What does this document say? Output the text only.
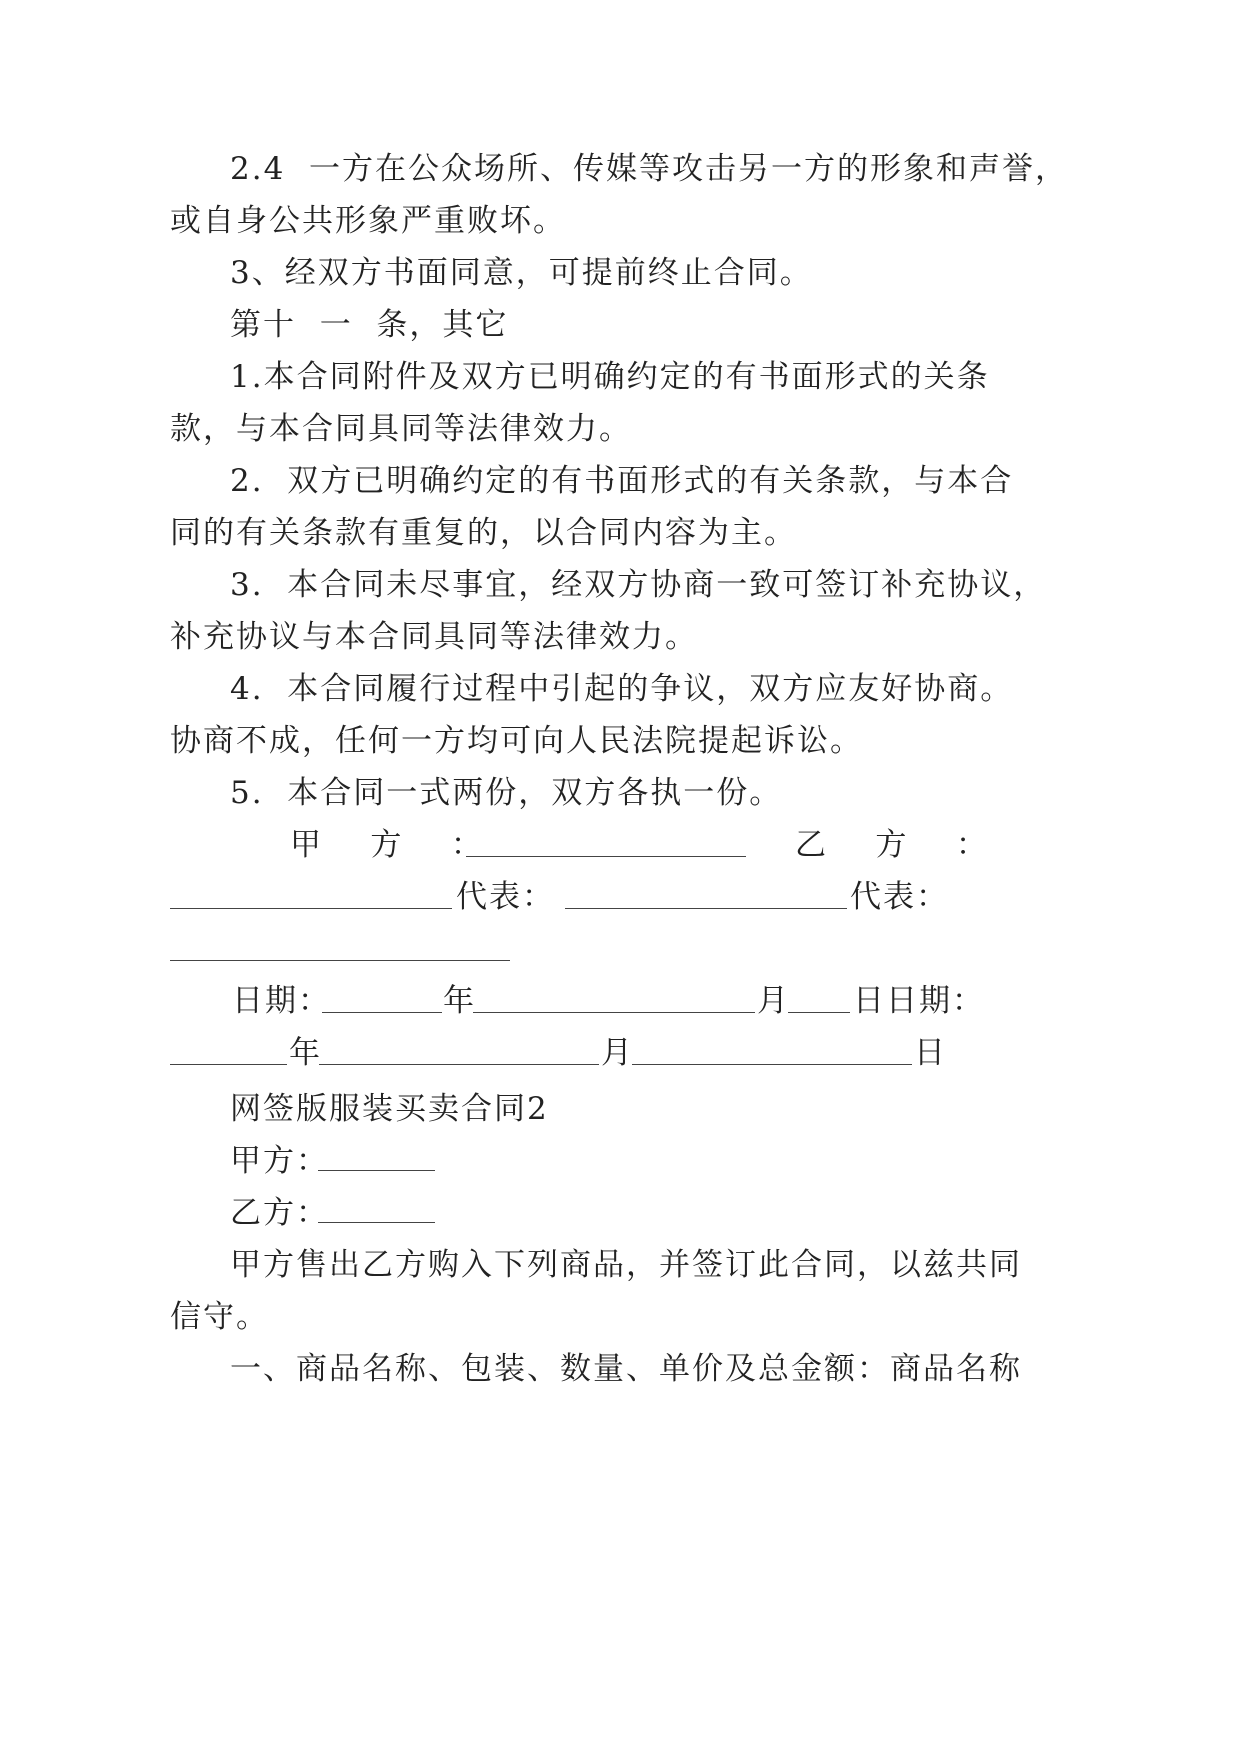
2.4  一方在公众场所、传媒等攻击另一方的形象和声誉，
或自身公共形象严重败坏。
3、经双方书面同意，可提前终止合同。
第十  一  条，其它
1.本合同附件及双方已明确约定的有书面形式的关条
款，与本合同具同等法律效力。
2.  双方已明确约定的有书面形式的有关条款，与本合
同的有关条款有重复的，以合同内容为主。
3.  本合同未尽事宜，经双方协商一致可签订补充协议，
补充协议与本合同具同等法律效力。
4.  本合同履行过程中引起的争议，双方应友好协商。
协商不成，任何一方均可向人民法院提起诉讼。
5.  本合同一式两份，双方各执一份。
甲    方    ：	乙    方    ：
代表：	代表：
日期：	年	月 日日期：
年	月	日
网签版服装买卖合同2
甲方：
乙方：
甲方售出乙方购入下列商品，并签订此合同，以兹共同
信守。
一、商品名称、包装、数量、单价及总金额：商品名称
